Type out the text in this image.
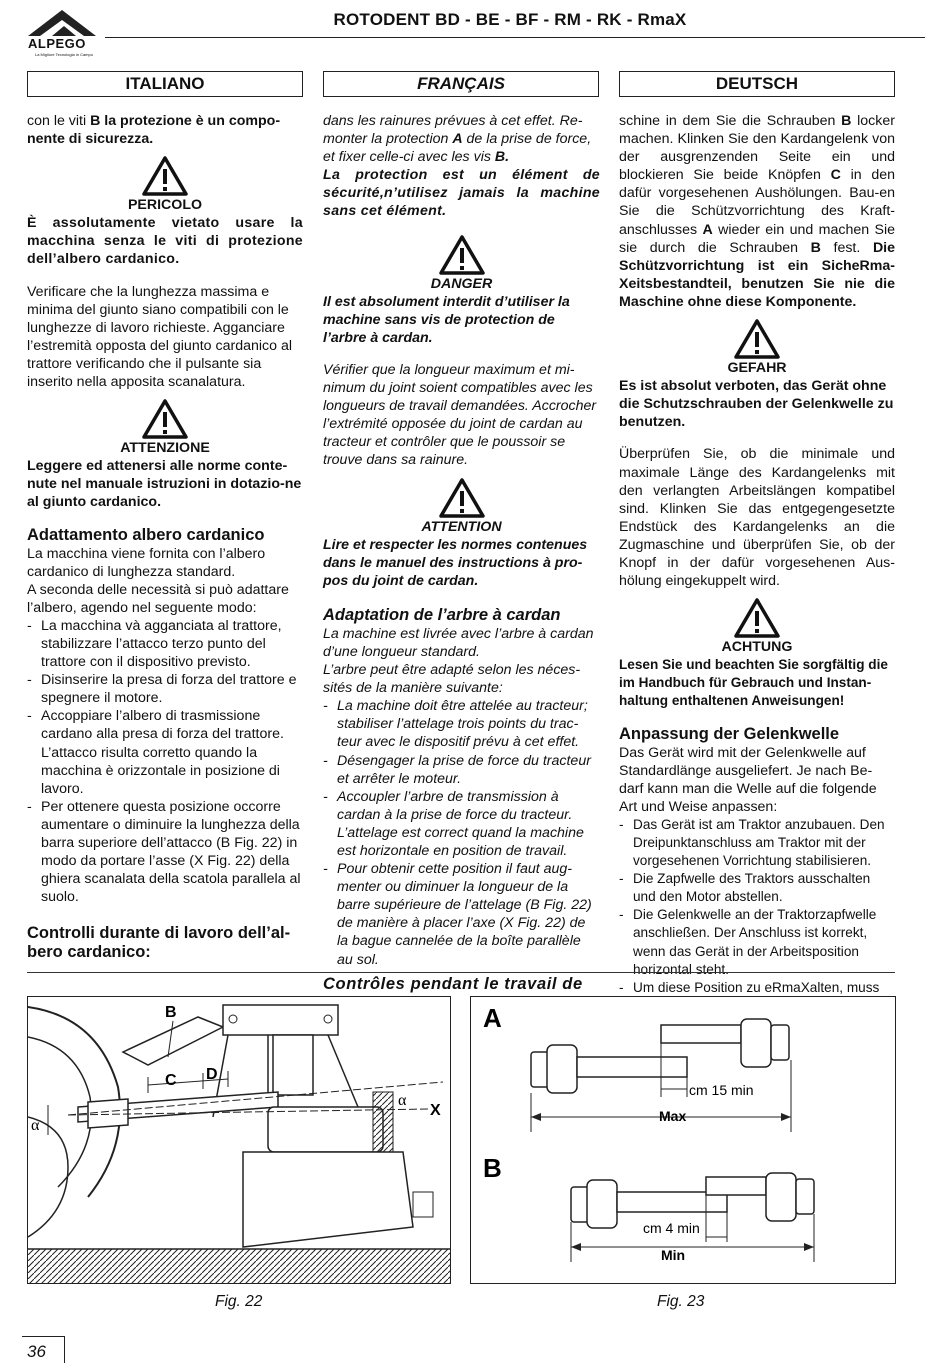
ALPEGO
La Migliore Tecnologia in Campo
ROTODENT BD - BE - BF - RM - RK - RmaX
ITALIANO	FRANÇAIS	DEUTSCH

con le viti B la protezione è un compo-nente di sicurezza.

PERICOLO

È assolutamente vietato usare la macchina senza le viti di protezione dell’albero cardanico.

Verificare che la lunghezza massima e minima del giunto siano compatibili con le lunghezze di lavoro richieste. Agganciare l’estremità opposta del giunto cardanico al trattore verificando che il pulsante sia inserito nella apposita scanalatura.

ATTENZIONE

Leggere ed attenersi alle norme conte-nute nel manuale istruzioni in dotazio-ne al giunto cardanico.

Adattamento albero cardanico

La macchina viene fornita con l’albero cardanico di lunghezza standard.

A seconda delle necessità si può adattare l’albero, agendo nel seguente modo:

- La macchina và agganciata al trattore, stabilizzare l’attacco terzo punto del trattore con il dispositivo previsto.
- Disinserire la presa di forza del trattore e spegnere il motore.
- Accoppiare l’albero di trasmissione cardano alla presa di forza del trattore. L’attacco risulta corretto quando la macchina è orizzontale in posizione di lavoro.
- Per ottenere questa posizione occorre aumentare o diminuire la lunghezza della barra superiore dell’attacco (B Fig. 22) in modo da portare l’asse (X Fig. 22) della ghiera scanalata della scatola parallela al suolo.
Controlli durante di lavoro dell’al-bero cardanico:

dans les rainures prévues à cet effet. Re-monter la protection A de la prise de force, et fixer celle-ci avec les vis B.

La protection est un élément de sécurité,n’utilisez jamais la machine sans cet élément.

DANGER

Il est absolument interdit d’utiliser la machine sans vis de protection de l’arbre à cardan.

Vérifier que la longueur maximum et mi-nimum du joint soient compatibles avec les longueurs de travail demandées. Accrocher l’extrémité opposée du joint de cardan au tracteur et contrôler que le poussoir se trouve dans sa rainure.

ATTENTION

Lire et respecter les normes contenues dans le manuel des instructions à pro-pos du joint de cardan.

Adaptation de l’arbre à cardan

La machine est livrée avec l’arbre à cardan d’une longueur standard.

L’arbre peut être adapté selon les néces-sités de la manière suivante:

- La machine doit être attelée au tracteur; stabiliser l’attelage trois points du trac-teur avec le dispositif prévu à cet effet.
- Désengager la prise de force du tracteur et arrêter le moteur.
- Accoupler l’arbre de transmission à cardan à la prise de force du tracteur. L’attelage est correct quand la machine est horizontale en position de travail.
- Pour obtenir cette position il faut aug-menter ou diminuer la longueur de la barre supérieure de l’attelage (B Fig. 22) de manière à placer l’axe (X Fig. 22) de la bague cannelée de la boîte parallèle au sol.
Contrôles pendant le travail de

schine in dem Sie die Schrauben B locker machen. Klinken Sie den Kardangelenk von der ausgrenzenden Seite ein und blockieren Sie beide Knöpfen C in den dafür vorgesehenen Aushölungen. Bau-en Sie die Schützvorrichtung des Kraft-anschlusses A wieder ein und machen Sie sie durch die Schrauben B fest. Die Schützvorrichtung ist ein SicheRma-Xeitsbestandteil, benutzen Sie nie die Maschine ohne diese Komponente.

GEFAHR

Es ist absolut verboten, das Gerät ohne die Schutzschrauben der Gelenkwelle zu benutzen.

Überprüfen Sie, ob die minimale und maximale Länge des Kardangelenks mit den verlangten Arbeitslängen kompatibel sind. Klinken Sie das entgegengesetzte Endstück des Kardangelenks an die Zugmaschine und überprüfen Sie, ob der Knopf in der dafür vorgesehenen Aus-hölung eingekuppelt wird.

ACHTUNG

Lesen Sie und beachten Sie sorgfältig die im Handbuch für Gebrauch und Instan-haltung enthaltenen Anweisungen!

Anpassung der Gelenkwelle

Das Gerät wird mit der Gelenkwelle auf Standardlänge ausgeliefert. Je nach Be-darf kann man die Welle auf die folgende Art und Weise anpassen:

- Das Gerät ist am Traktor anzubauen. Den Dreipunktanschluss am Traktor mit der vorgesehenen Vorrichtung stabilisieren.
- Die Zapfwelle des Traktors ausschalten und den Motor abstellen.
- Die Gelenkwelle an der Traktorzapfwelle anschließen. Der Anschluss ist korrekt, wenn das Gerät in der Arbeitsposition horizontal steht.
- Um diese Position zu eRmaXalten, muss
C D
B
X
α
α
Fig. 22
A
B
cm 15 min
Max
cm 4 min
Min
Fig. 23
36
